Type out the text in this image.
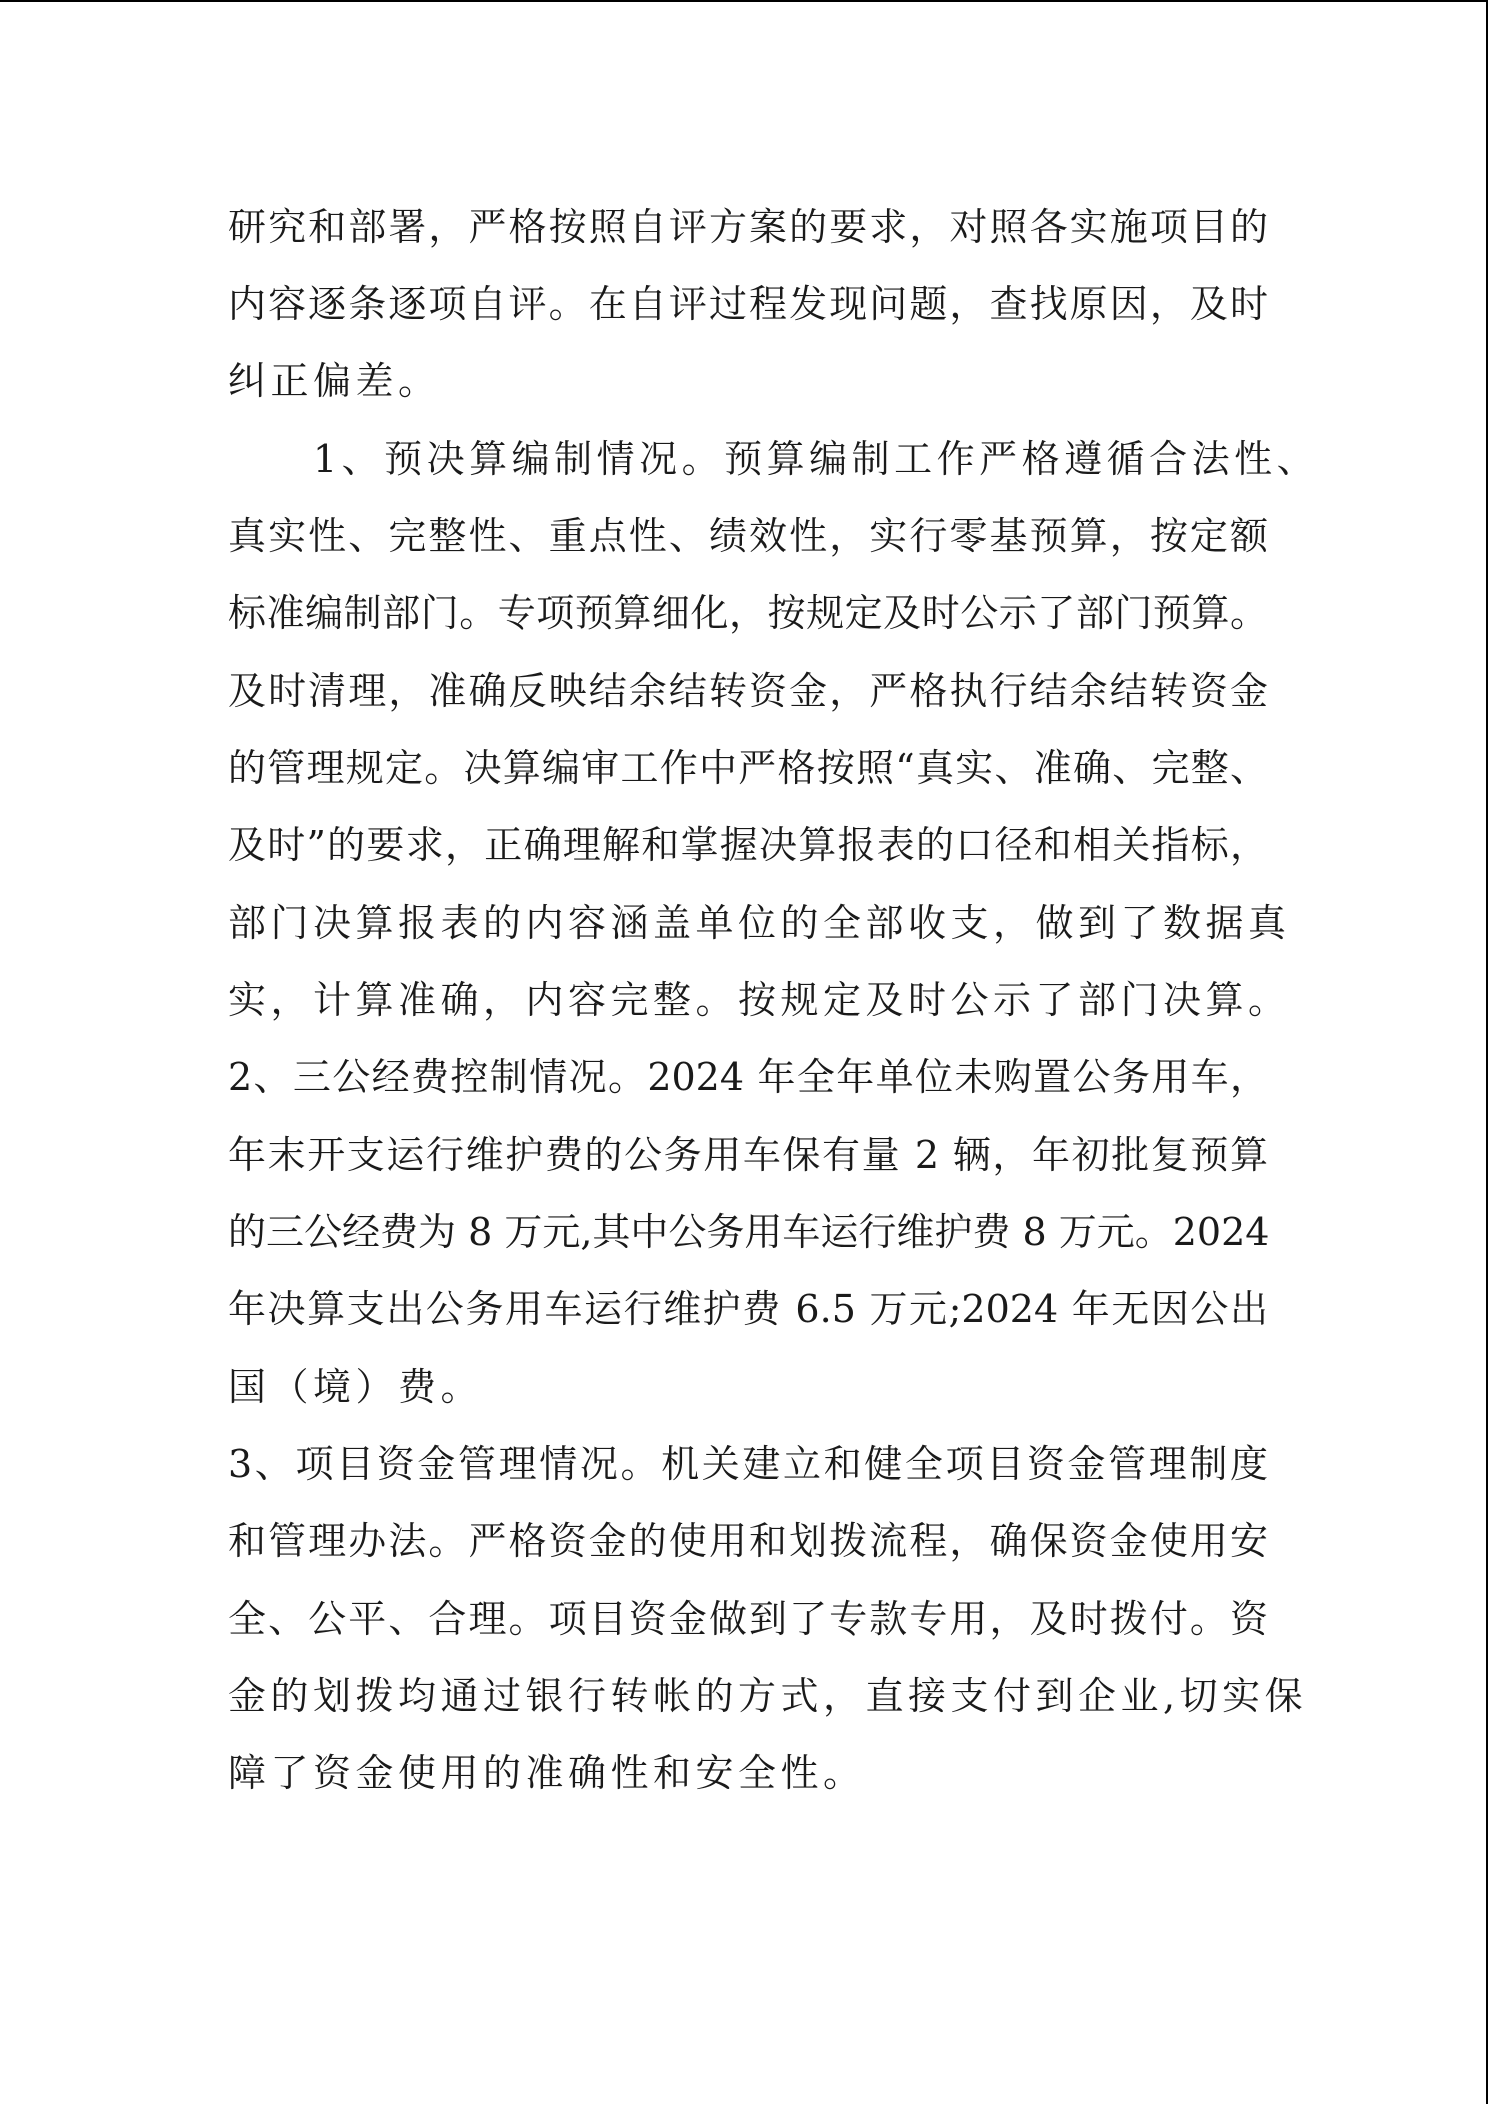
研究和部署，严格按照自评方案的要求，对照各实施项目的
内容逐条逐项自评。在自评过程发现问题，查找原因，及时
纠正偏差。
　　1、预决算编制情况。预算编制工作严格遵循合法性、
真实性、完整性、重点性、绩效性，实行零基预算，按定额
标准编制部门。专项预算细化，按规定及时公示了部门预算。
及时清理，准确反映结余结转资金，严格执行结余结转资金
的管理规定。决算编审工作中严格按照“真实、准确、完整、
及时”的要求，正确理解和掌握决算报表的口径和相关指标，
部门决算报表的内容涵盖单位的全部收支，做到了数据真
实，计算准确，内容完整。按规定及时公示了部门决算。
2、三公经费控制情况。2024 年全年单位未购置公务用车，
年末开支运行维护费的公务用车保有量 2 辆，年初批复预算
的三公经费为 8 万元,其中公务用车运行维护费 8 万元。2024
年决算支出公务用车运行维护费 6.5 万元;2024 年无因公出
国（境）费。
3、项目资金管理情况。机关建立和健全项目资金管理制度
和管理办法。严格资金的使用和划拨流程，确保资金使用安
全、公平、合理。项目资金做到了专款专用，及时拨付。资
金的划拨均通过银行转帐的方式，直接支付到企业,切实保
障了资金使用的准确性和安全性。
